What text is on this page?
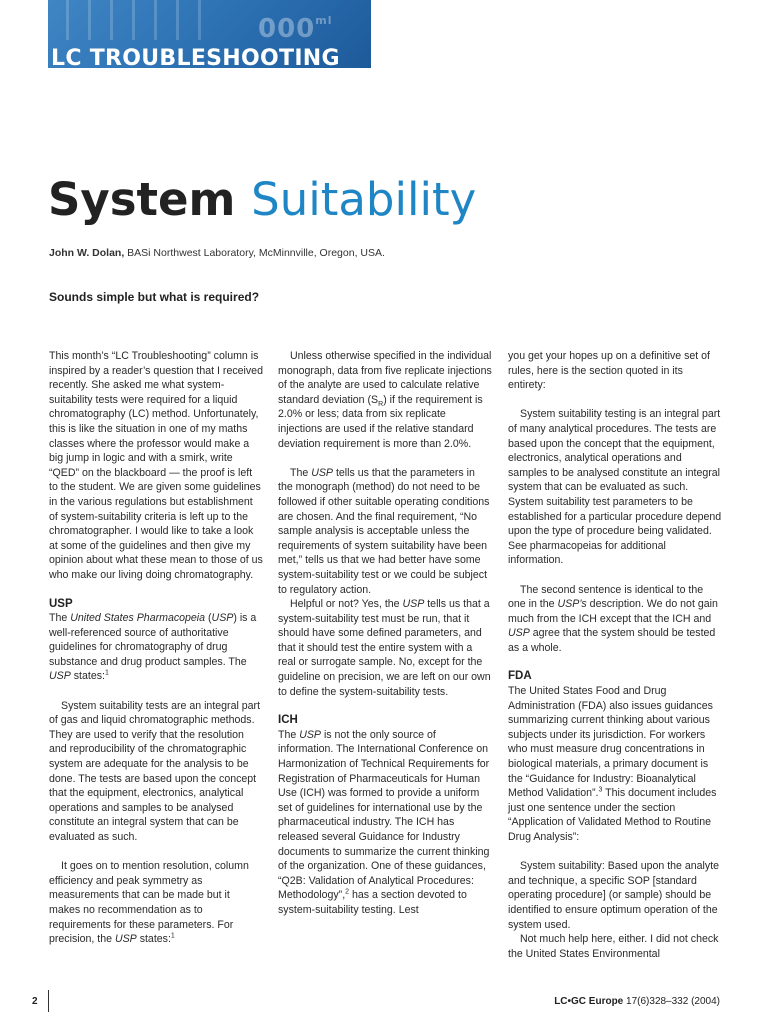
$000^{ml}$
LC TROUBLESHOOTING
System Suitability
John W. Dolan, BASi Northwest Laboratory, McMinnville, Oregon, USA.

Sounds simple but what is required?

This month’s “LC Troubleshooting” column is inspired by a reader’s question that I received recently. She asked me what system-suitability tests were required for a liquid chromatography (LC) method. Unfortunately, this is like the situation in one of my maths classes where the professor would make a big jump in logic and with a smirk, write “QED” on the blackboard — the proof is left to the student. We are given some guidelines in the various regulations but establishment of system-suitability criteria is left up to the chromatographer. I would like to take a look at some of the guidelines and then give my opinion about what these mean to those of us who make our living doing chromatography.

USP

The United States Pharmacopeia (USP) is a well-referenced source of authoritative guidelines for chromatography of drug substance and drug product samples. The USP states:$^1$

System suitability tests are an integral part of gas and liquid chromatographic methods. They are used to verify that the resolution and reproducibility of the chromatographic system are adequate for the analysis to be done. The tests are based upon the concept that the equipment, electronics, analytical operations and samples to be analysed constitute an integral system that can be evaluated as such.

It goes on to mention resolution, column efficiency and peak symmetry as measurements that can be made but it makes no recommendation as to requirements for these parameters. For precision, the USP states:$^1$

Unless otherwise specified in the individual monograph, data from five replicate injections of the analyte are used to calculate relative standard deviation $(S_R)$ if the requirement is 2.0% or less; data from six replicate injections are used if the relative standard deviation requirement is more than 2.0%.

The USP tells us that the parameters in the monograph (method) do not need to be followed if other suitable operating conditions are chosen. And the final requirement, “No sample analysis is acceptable unless the requirements of system suitability have been met,” tells us that we had better have some system-suitability test or we could be subject to regulatory action.

Helpful or not? Yes, the USP tells us that a system-suitability test must be run, that it should have some defined parameters, and that it should test the entire system with a real or surrogate sample. No, except for the guideline on precision, we are left on our own to define the system-suitability tests.

ICH

The USP is not the only source of information. The International Conference on Harmonization of Technical Requirements for Registration of Pharmaceuticals for Human Use (ICH) was formed to provide a uniform set of guidelines for international use by the pharmaceutical industry. The ICH has released several Guidance for Industry documents to summarize the current thinking of the organization. One of these guidances, “Q2B: Validation of Analytical Procedures: Methodology”,$^2$ has a section devoted to system-suitability testing. Lest

you get your hopes up on a definitive set of rules, here is the section quoted in its entirety:

System suitability testing is an integral part of many analytical procedures. The tests are based upon the concept that the equipment, electronics, analytical operations and samples to be analysed constitute an integral system that can be evaluated as such. System suitability test parameters to be established for a particular procedure depend upon the type of procedure being validated. See pharmacopeias for additional information.

The second sentence is identical to the one in the USP’s description. We do not gain much from the ICH except that the ICH and USP agree that the system should be tested as a whole.

FDA

The United States Food and Drug Administration (FDA) also issues guidances summarizing current thinking about various subjects under its jurisdiction. For workers who must measure drug concentrations in biological materials, a primary document is the “Guidance for Industry: Bioanalytical Method Validation”.$^3$ This document includes just one sentence under the section “Application of Validated Method to Routine Drug Analysis”:

System suitability: Based upon the analyte and technique, a specific SOP [standard operating procedure] (or sample) should be identified to ensure optimum operation of the system used.

Not much help here, either. I did not check the United States Environmental

2	LC•GC Europe 17(6)328–332 (2004)
